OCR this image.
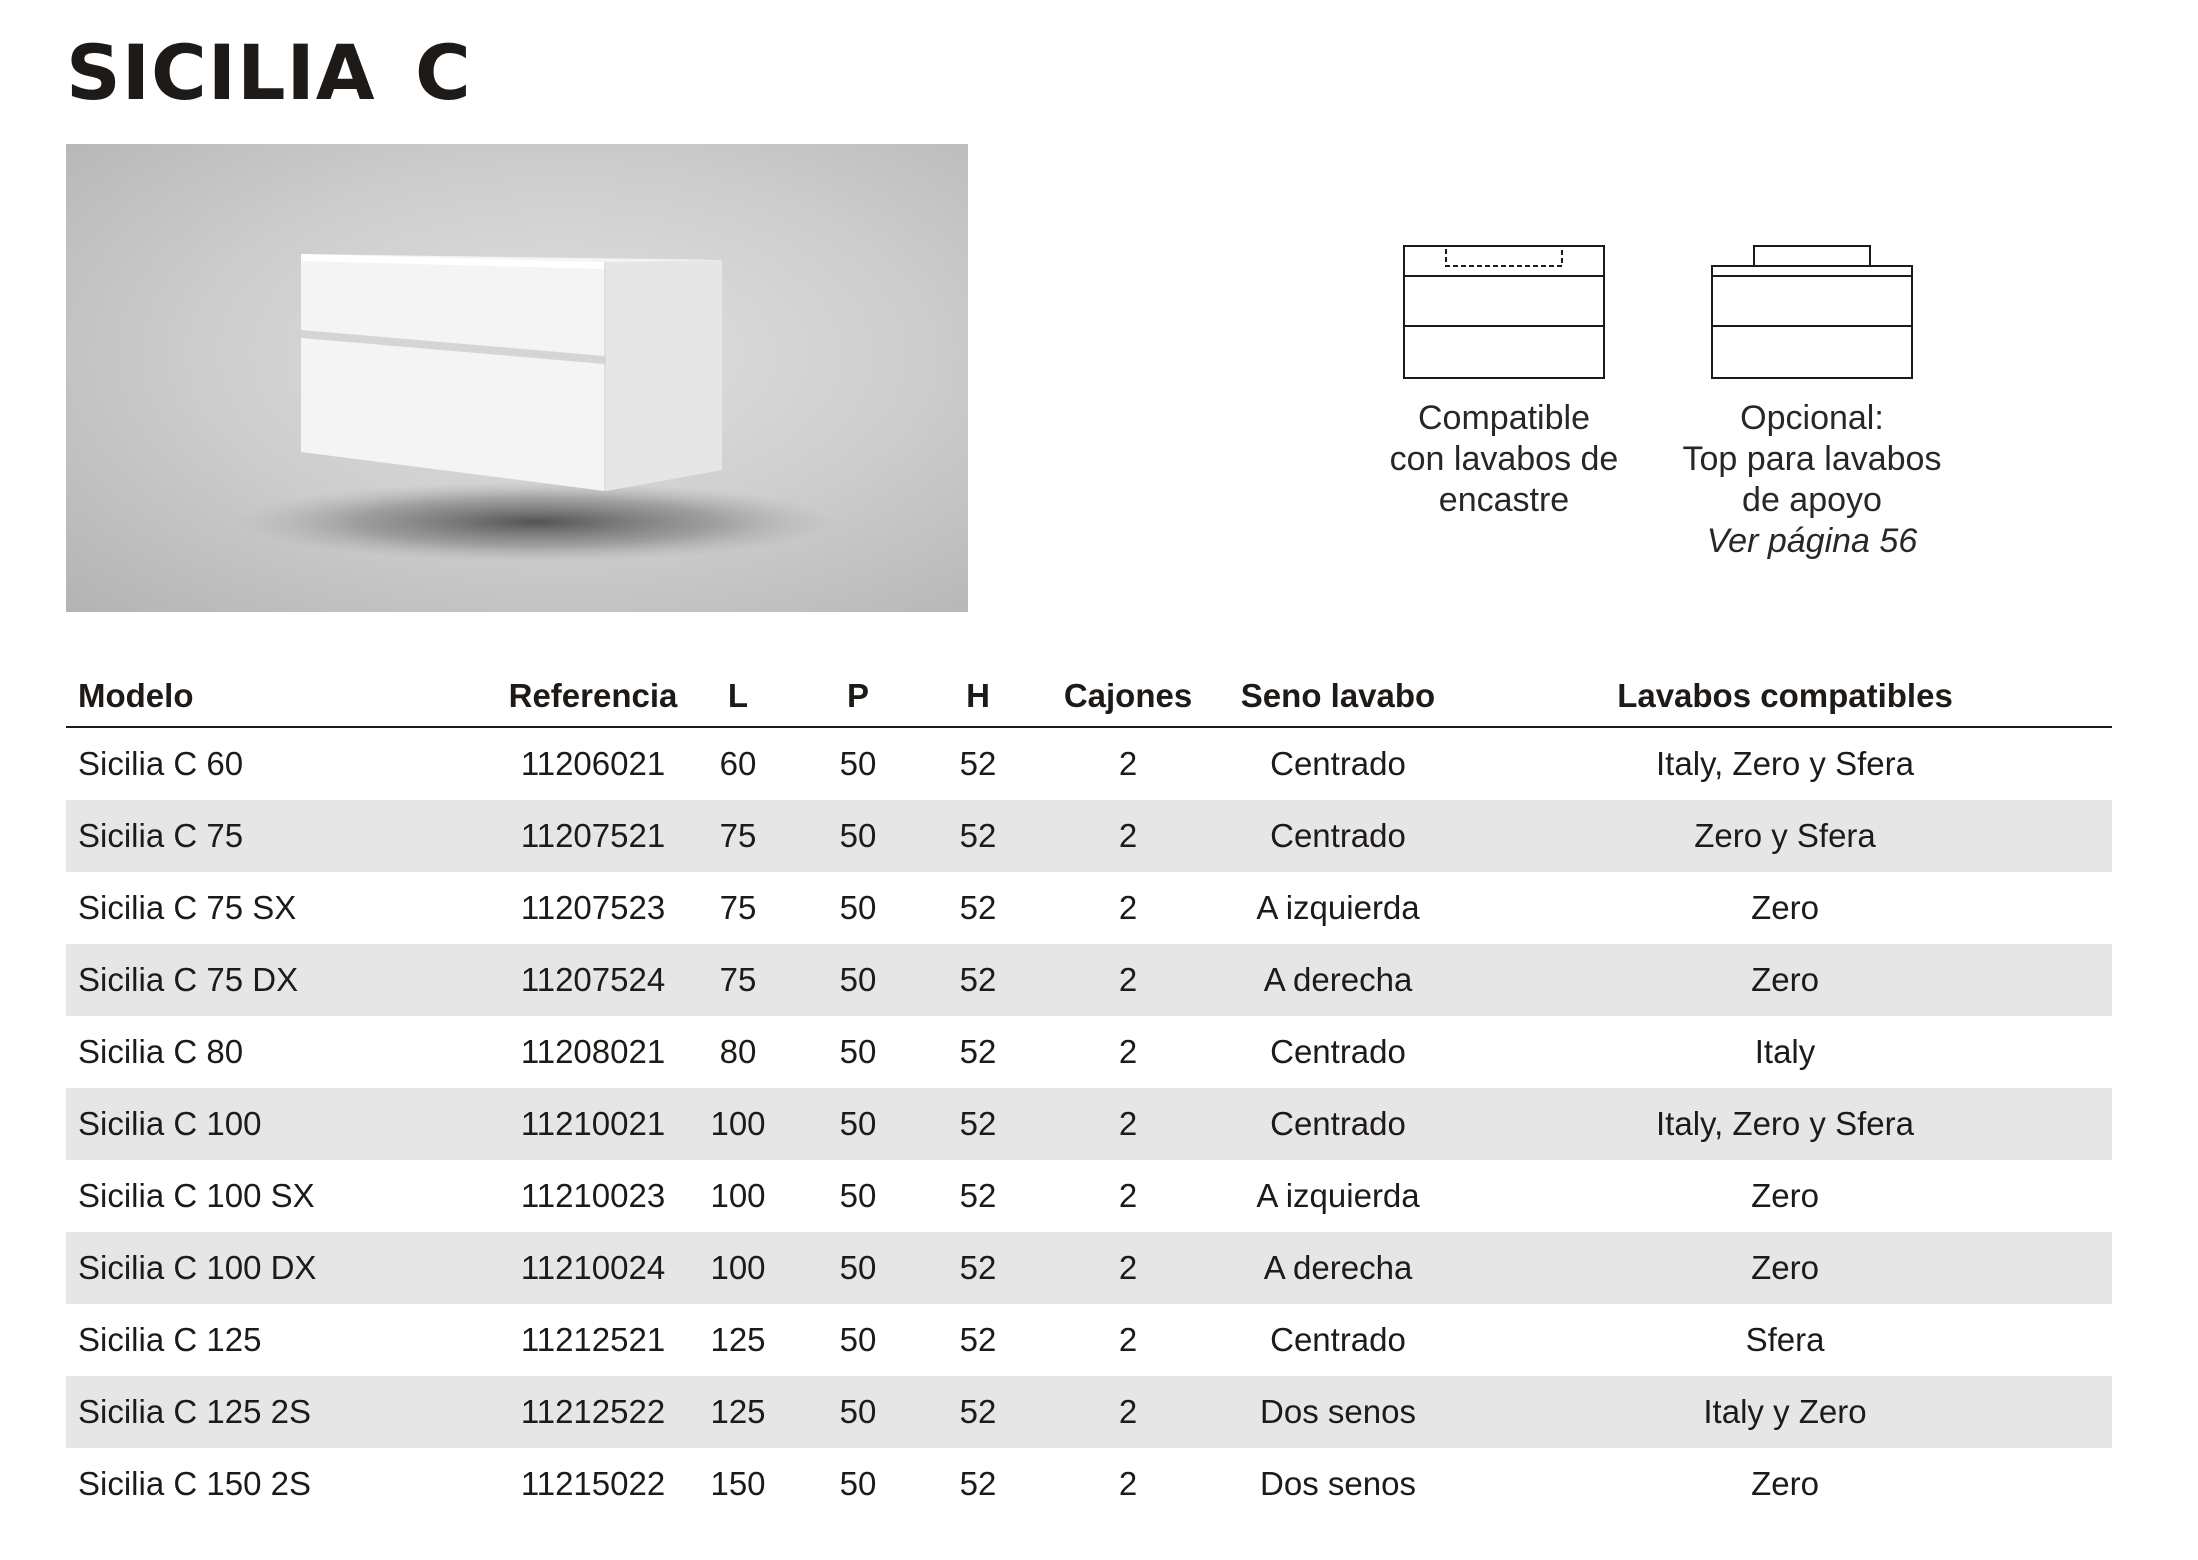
SICILIA C
Compatible
con lavabos de
encastre
Opcional:
Top para lavabos
de apoyo
Ver página 56
Modelo	Referencia	L	P	H	Cajones	Seno lavabo	Lavabos compatibles
Sicilia C 60	11206021	60	50	52	2	Centrado	Italy, Zero y Sfera
Sicilia C 75	11207521	75	50	52	2	Centrado	Zero y Sfera
Sicilia C 75 SX	11207523	75	50	52	2	A izquierda	Zero
Sicilia C 75 DX	11207524	75	50	52	2	A derecha	Zero
Sicilia C 80	11208021	80	50	52	2	Centrado	Italy
Sicilia C 100	11210021	100	50	52	2	Centrado	Italy, Zero y Sfera
Sicilia C 100 SX	11210023	100	50	52	2	A izquierda	Zero
Sicilia C 100 DX	11210024	100	50	52	2	A derecha	Zero
Sicilia C 125	11212521	125	50	52	2	Centrado	Sfera
Sicilia C 125 2S	11212522	125	50	52	2	Dos senos	Italy y Zero
Sicilia C 150 2S	11215022	150	50	52	2	Dos senos	Zero
